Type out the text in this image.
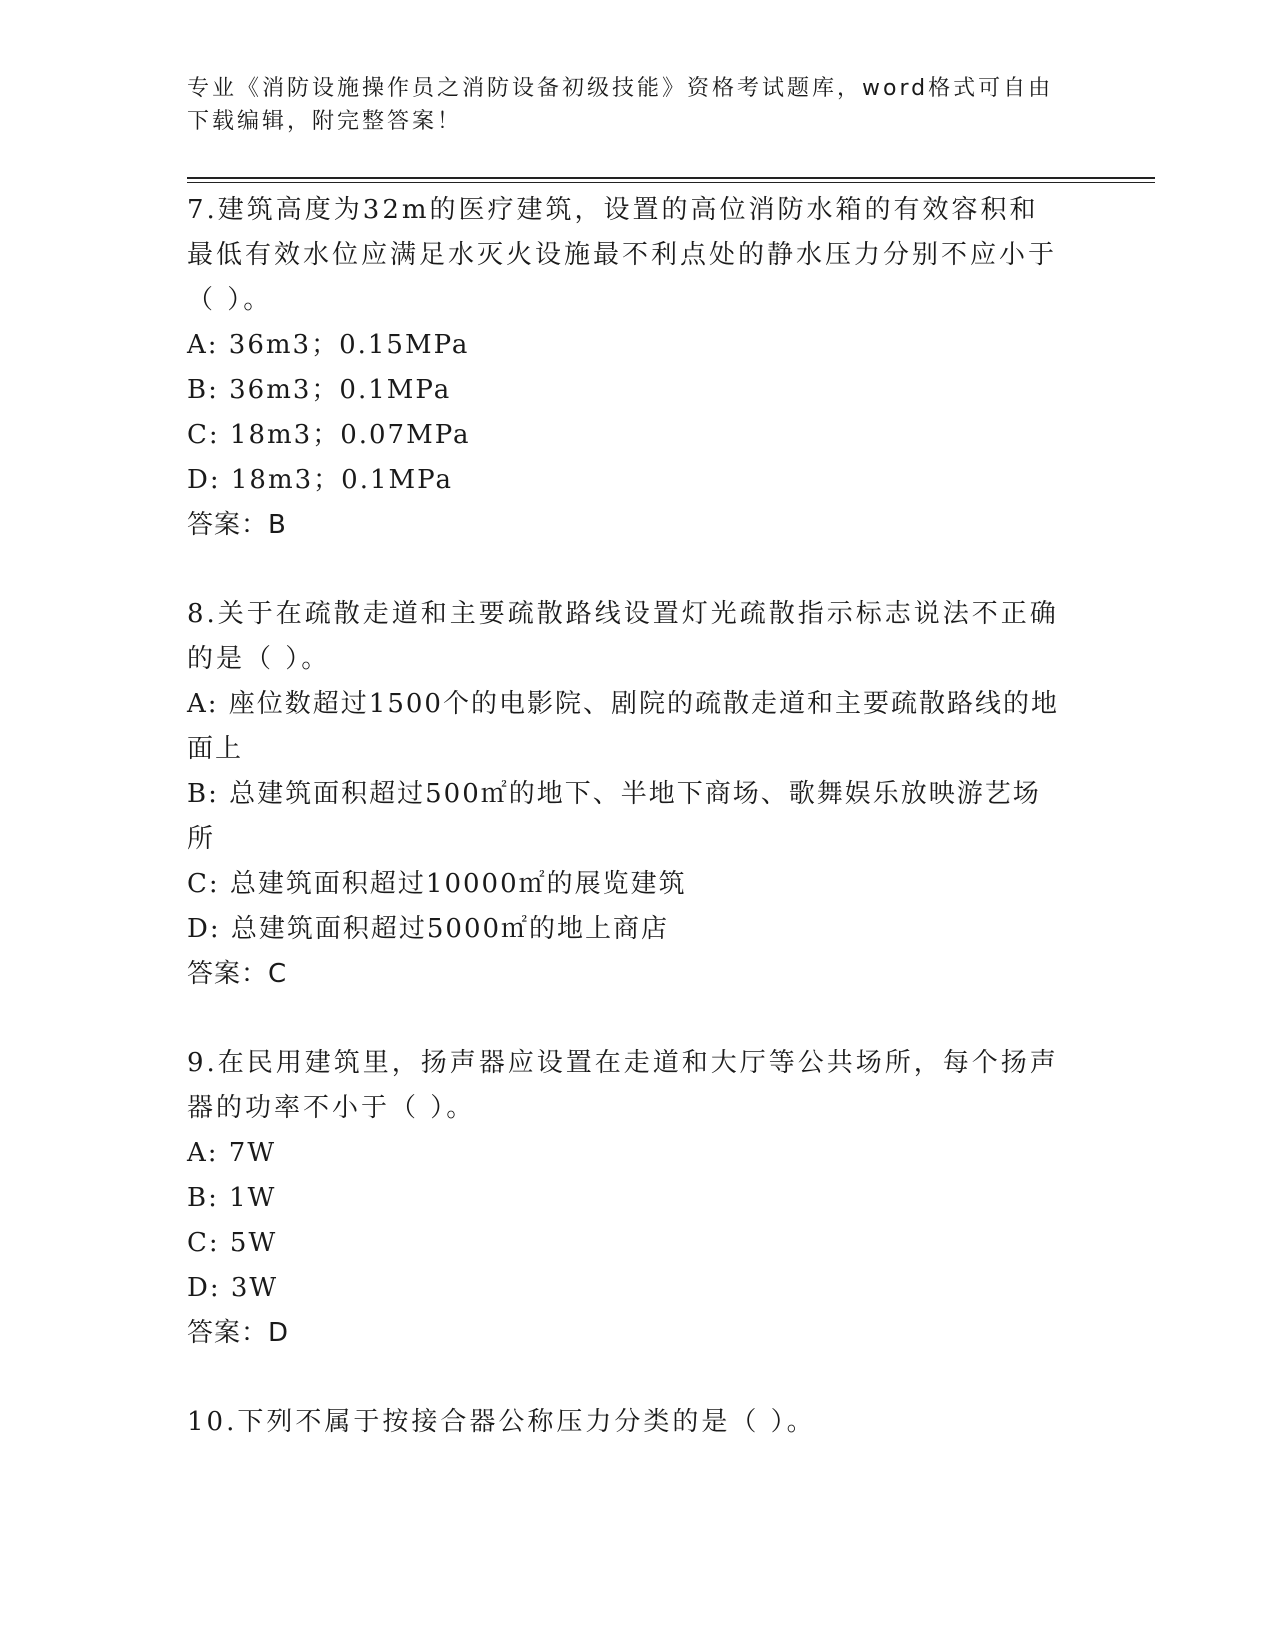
专业《消防设施操作员之消防设备初级技能》资格考试题库，word格式可自由下载编辑，附完整答案！

7.建筑高度为32m的医疗建筑，设置的高位消防水箱的有效容积和最低有效水位应满足水灭火设施最不利点处的静水压力分别不应小于（ ）。

A: 36m3；0.15MPa

B: 36m3；0.1MPa

C: 18m3；0.07MPa

D: 18m3；0.1MPa

答案：B

8.关于在疏散走道和主要疏散路线设置灯光疏散指示标志说法不正确的是（ ）。

A: 座位数超过1500个的电影院、剧院的疏散走道和主要疏散路线的地面上

B: 总建筑面积超过500㎡的地下、半地下商场、歌舞娱乐放映游艺场所

C: 总建筑面积超过10000㎡的展览建筑

D: 总建筑面积超过5000㎡的地上商店

答案：C

9.在民用建筑里，扬声器应设置在走道和大厅等公共场所，每个扬声器的功率不小于（ ）。

A: 7W

B: 1W

C: 5W

D: 3W

答案：D

10.下列不属于按接合器公称压力分类的是（ ）。
